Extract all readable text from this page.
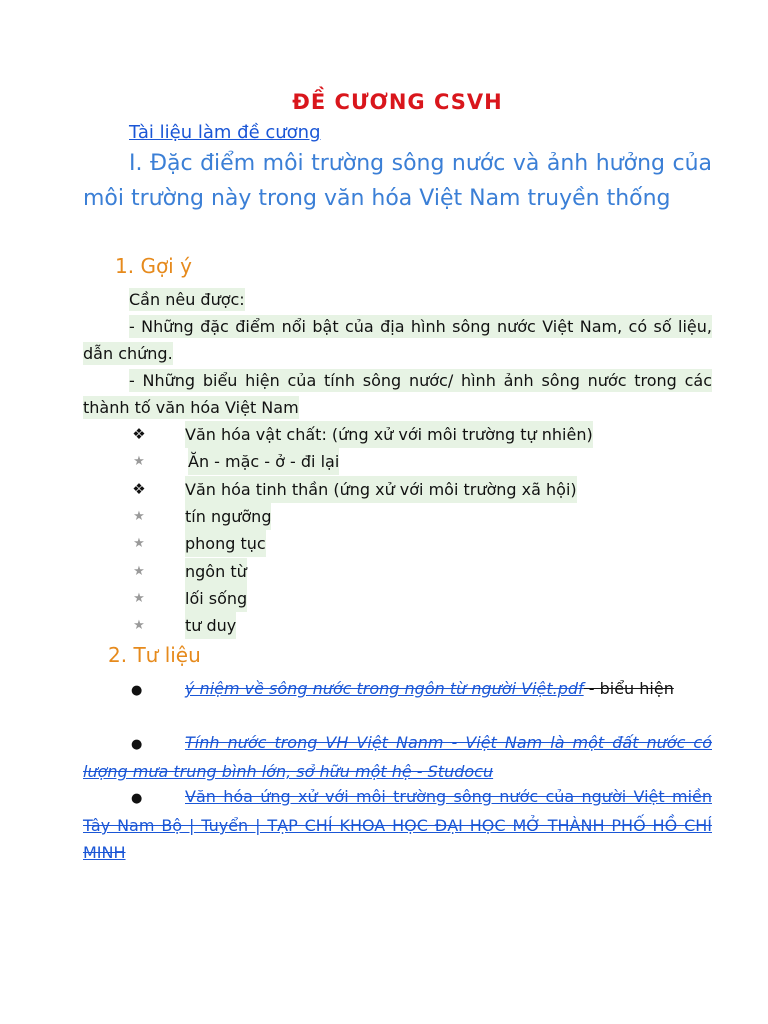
ĐỀ CƯƠNG CSVH
Tài liệu làm đề cương
I. Đặc điểm môi trường sông nước và ảnh hưởng của môi trường này trong văn hóa Việt Nam truyền thống
1. Gợi ý
Cần nêu được:
- Những đặc điểm nổi bật của địa hình sông nước Việt Nam, có số liệu, dẫn chứng.
- Những biểu hiện của tính sông nước/ hình ảnh sông nước trong các thành tố văn hóa Việt Nam
❖ Văn hóa vật chất: (ứng xử với môi trường tự nhiên)
★	Ăn - mặc - ở - đi lại
❖ Văn hóa tinh thần (ứng xử với môi trường xã hội)
★	tín ngưỡng
★	phong tục
★	ngôn từ
★	lối sống
★	tư duy
2. Tư liệu
●	ý niệm về sông nước trong ngôn từ người Việt.pdf - biểu hiện
●	Tính nước trong VH Việt Nanm - Việt Nam là một đất nước có lượng mưa trung bình lớn, sở hữu một hệ - Studocu
●	Văn hóa ứng xử với môi trường sông nước của người Việt miền Tây Nam Bộ | Tuyển | TẠP CHÍ KHOA HỌC ĐẠI HỌC MỞ THÀNH PHỐ HỒ CHÍ MINH
